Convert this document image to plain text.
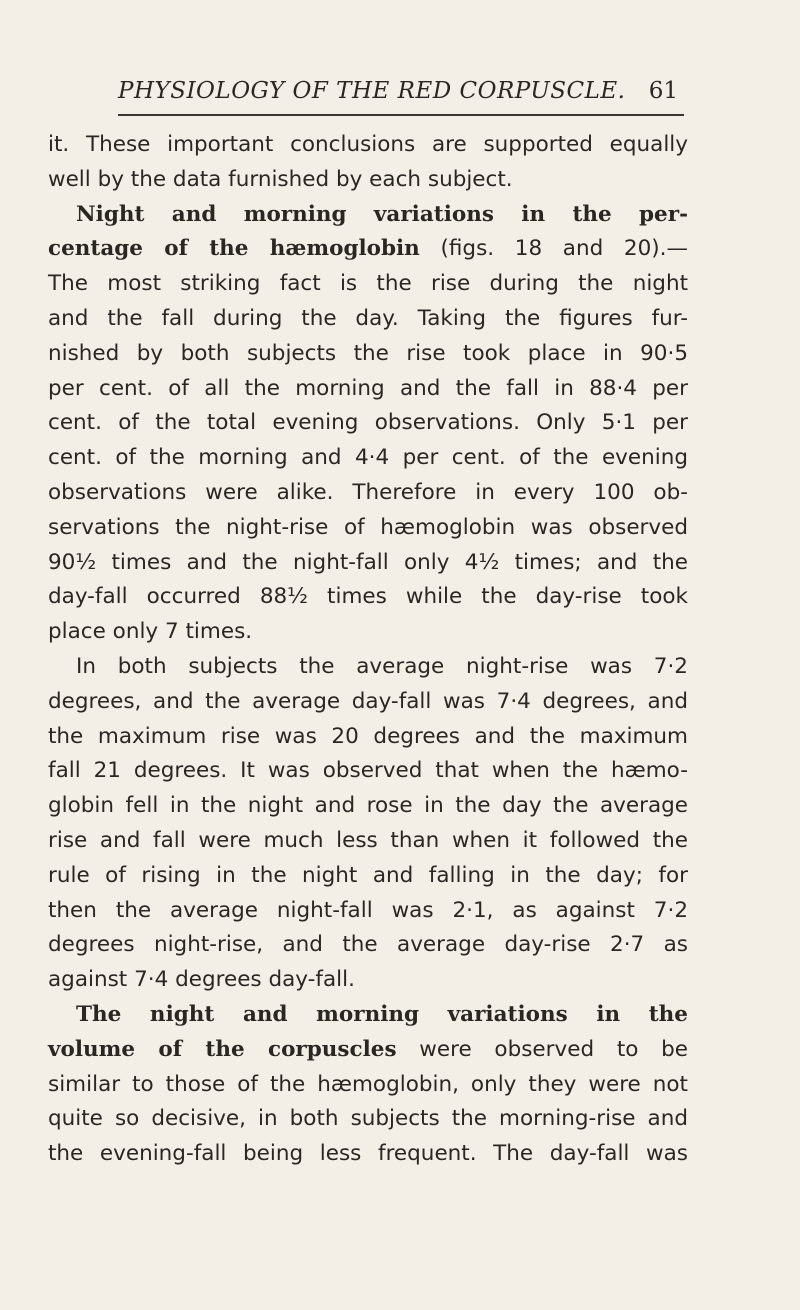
PHYSIOLOGY OF THE RED CORPUSCLE. 61
it. These important conclusions are supported equally
well by the data furnished by each subject.
Night and morning variations in the per-
centage of the hæmoglobin (figs. 18 and 20).—
The most striking fact is the rise during the night
and the fall during the day. Taking the figures fur-
nished by both subjects the rise took place in 90·5
per cent. of all the morning and the fall in 88·4 per
cent. of the total evening observations. Only 5·1 per
cent. of the morning and 4·4 per cent. of the evening
observations were alike. Therefore in every 100 ob-
servations the night-rise of hæmoglobin was observed
90½ times and the night-fall only 4½ times; and the
day-fall occurred 88½ times while the day-rise took
place only 7 times.
In both subjects the average night-rise was 7·2
degrees, and the average day-fall was 7·4 degrees, and
the maximum rise was 20 degrees and the maximum
fall 21 degrees. It was observed that when the hæmo-
globin fell in the night and rose in the day the average
rise and fall were much less than when it followed the
rule of rising in the night and falling in the day; for
then the average night-fall was 2·1, as against 7·2
degrees night-rise, and the average day-rise 2·7 as
against 7·4 degrees day-fall.
The night and morning variations in the
volume of the corpuscles were observed to be
similar to those of the hæmoglobin, only they were not
quite so decisive, in both subjects the morning-rise and
the evening-fall being less frequent. The day-fall was
